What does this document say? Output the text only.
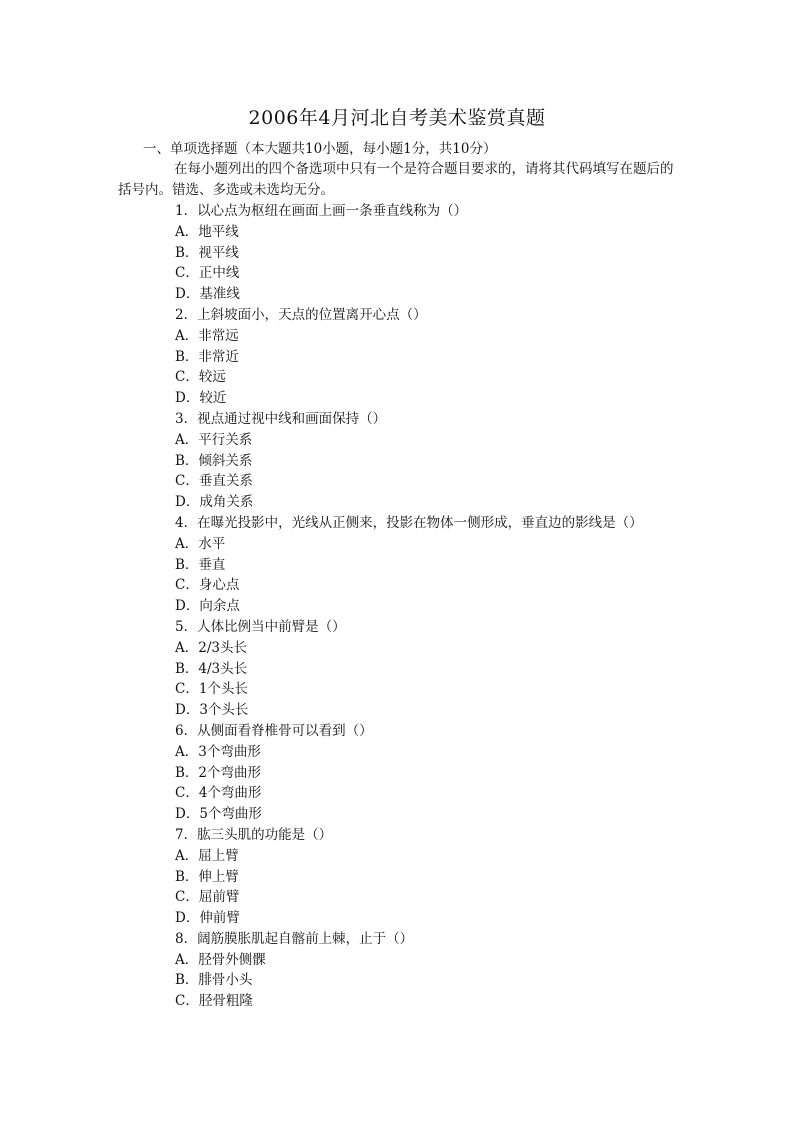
2006年4月河北自考美术鉴赏真题
一、单项选择题（本大题共10小题，每小题1分，共10分）
在每小题列出的四个备选项中只有一个是符合题目要求的，请将其代码填写在题后的括号内。错选、多选或未选均无分。
1．以心点为枢纽在画面上画一条垂直线称为（）
A．地平线
B．视平线
C．正中线
D．基准线
2．上斜坡面小，天点的位置离开心点（）
A．非常远
B．非常近
C．较远
D．较近
3．视点通过视中线和画面保持（）
A．平行关系
B．倾斜关系
C．垂直关系
D．成角关系
4．在曝光投影中，光线从正侧来，投影在物体一侧形成，垂直边的影线是（）
A．水平
B．垂直
C．身心点
D．向余点
5．人体比例当中前臂是（）
A．2/3头长
B．4/3头长
C．1个头长
D．3个头长
6．从侧面看脊椎骨可以看到（）
A．3个弯曲形
B．2个弯曲形
C．4个弯曲形
D．5个弯曲形
7．肱三头肌的功能是（）
A．屈上臂
B．伸上臂
C．屈前臂
D．伸前臂
8．阔筋膜胀肌起自髂前上棘，止于（）
A．胫骨外侧髁
B．腓骨小头
C．胫骨粗隆
